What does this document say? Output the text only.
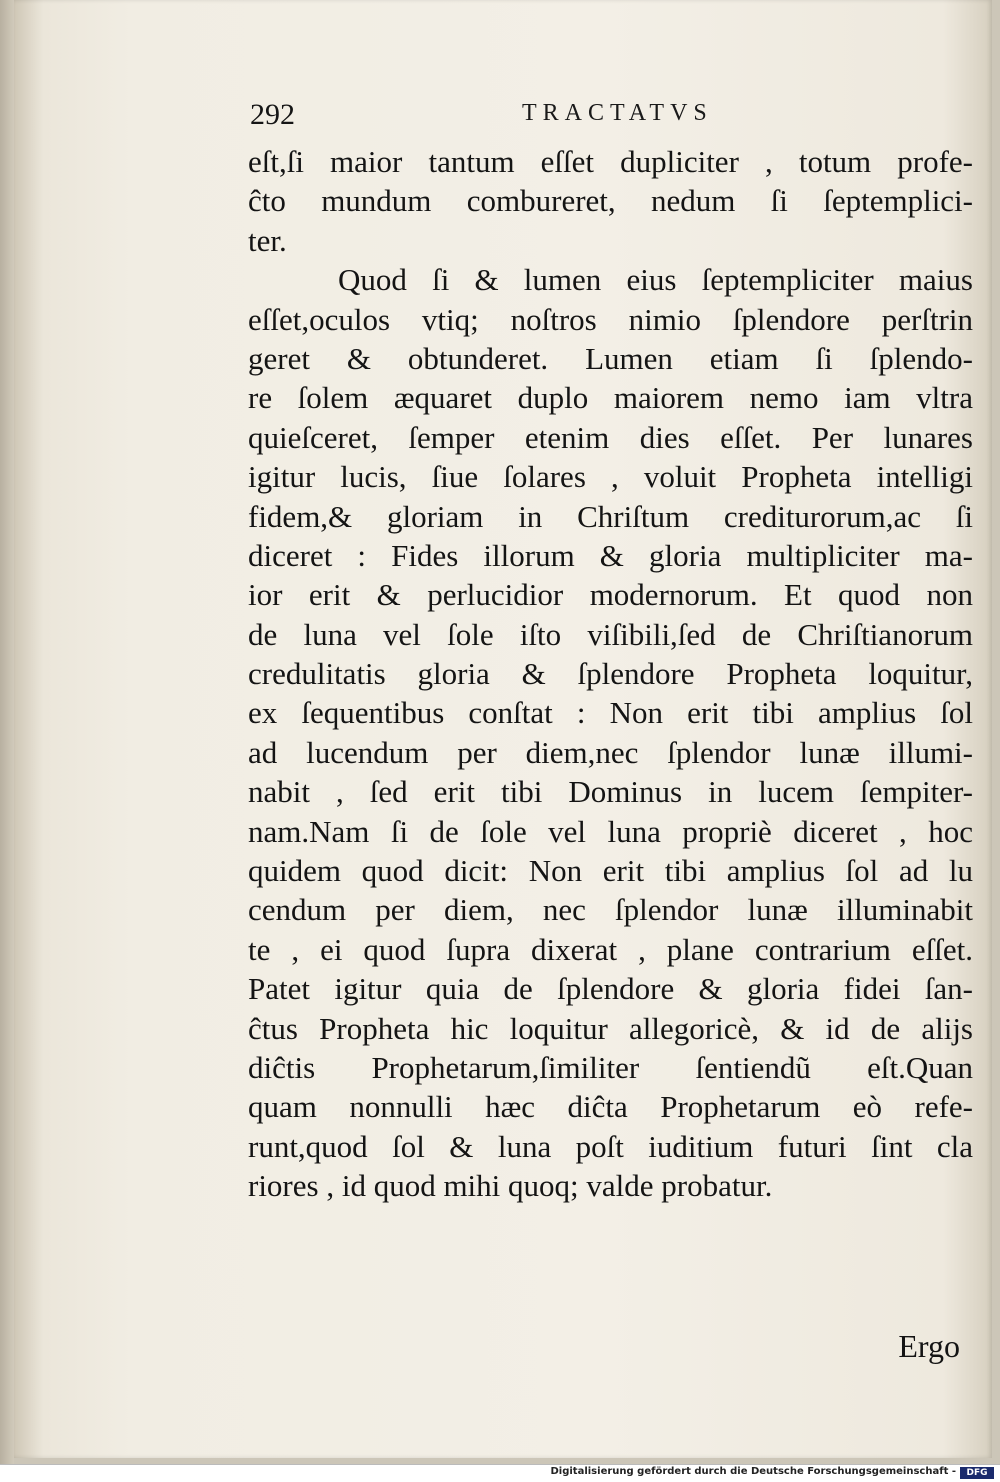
292	TRACTATVS
eſt,ſi maior tantum eſſet dupliciter , totum profe-
ĉto mundum combureret, nedum ſi ſeptemplici-
ter.
Quod ſi & lumen eius ſeptempliciter maius
eſſet,oculos vtiq; noſtros nimio ſplendore perſtrin
geret & obtunderet. Lumen etiam ſi ſplendo-
re ſolem æquaret duplo maiorem nemo iam vltra
quieſceret, ſemper etenim dies eſſet. Per lunares
igitur lucis, ſiue ſolares , voluit Propheta intelligi
fidem,& gloriam in Chriſtum crediturorum,ac ſi
diceret : Fides illorum & gloria multipliciter ma-
ior erit & perlucidior modernorum. Et quod non
de luna vel ſole iſto viſibili,ſed de Chriſtianorum
credulitatis gloria & ſplendore Propheta loquitur,
ex ſequentibus conſtat : Non erit tibi amplius ſol
ad lucendum per diem,nec ſplendor lunæ illumi-
nabit , ſed erit tibi Dominus in lucem ſempiter-
nam.Nam ſi de ſole vel luna propriè diceret , hoc
quidem quod dicit: Non erit tibi amplius ſol ad lu
cendum per diem, nec ſplendor lunæ illuminabit
te , ei quod ſupra dixerat , plane contrarium eſſet.
Patet igitur quia de ſplendore & gloria fidei ſan-
ĉtus Propheta hic loquitur allegoricè, & id de alijs
diĉtis Prophetarum,ſimiliter ſentiendũ eſt.Quan
quam nonnulli hæc diĉta Prophetarum eò refe-
runt,quod ſol & luna poſt iuditium futuri ſint cla
riores , id quod mihi quoq; valde probatur.
Ergo
Digitalisierung gefördert durch die Deutsche Forschungsgemeinschaft -	DFG
